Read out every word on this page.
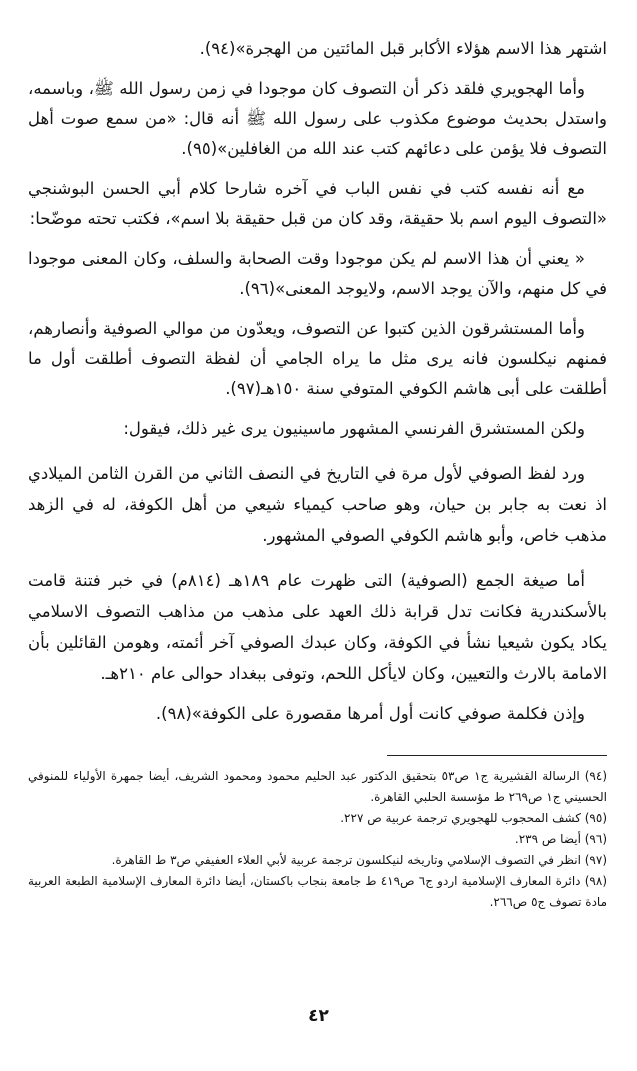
اشتهر هذا الاسم هؤلاء الأكابر قبل المائتين من الهجرة»(٩٤).

وأما الهجويري فلقد ذكر أن التصوف كان موجودا في زمن رسول الله ﷺ، وباسمه، واستدل بحديث موضوع مكذوب على رسول الله ﷺ أنه قال: «من سمع صوت أهل التصوف فلا يؤمن على دعائهم كتب عند الله من الغافلين»(٩٥).

مع أنه نفسه كتب في نفس الباب في آخره شارحا كلام أبي الحسن البوشنجي «التصوف اليوم اسم بلا حقيقة، وقد كان من قبل حقيقة بلا اسم»، فكتب تحته موضّحا:

« يعني أن هذا الاسم لم يكن موجودا وقت الصحابة والسلف، وكان المعنى موجودا في كل منهم، والآن يوجد الاسم، ولايوجد المعنى»(٩٦).

وأما المستشرقون الذين كتبوا عن التصوف، ويعدّون من موالي الصوفية وأنصارهم، فمنهم نيكلسون فانه يرى مثل ما يراه الجامي أن لفظة التصوف أطلقت أول ما أطلقت على أبى هاشم الكوفي المتوفي سنة ١٥٠هـ(٩٧).

ولكن المستشرق الفرنسي المشهور ماسينيون يرى غير ذلك، فيقول:

ورد لفظ الصوفي لأول مرة في التاريخ في النصف الثاني من القرن الثامن الميلادي اذ نعت به جابر بن حيان، وهو صاحب كيمياء شيعي من أهل الكوفة، له في الزهد مذهب خاص، وأبو هاشم الكوفي الصوفي المشهور.

أما صيغة الجمع (الصوفية) التى ظهرت عام ١٨٩هـ (٨١٤م) في خبر فتنة قامت بالأسكندرية فكانت تدل قرابة ذلك العهد على مذهب من مذاهب التصوف الاسلامي يكاد يكون شيعيا نشأ في الكوفة، وكان عبدك الصوفي آخر أئمته، وهومن القائلين بأن الامامة بالارث والتعيين، وكان لايأكل اللحم، وتوفى ببغداد حوالى عام ٢١٠هـ.

وإذن فكلمة صوفي كانت أول أمرها مقصورة على الكوفة»(٩٨).

(٩٤) الرسالة القشيرية ج١ ص٥٣ بتحقيق الدكتور عبد الحليم محمود ومحمود الشريف، أيضا جمهرة الأولياء للمنوفي الحسيني ج١ ص٢٦٩ ط مؤسسة الحلبي القاهرة.
(٩٥) كشف المحجوب للهجويري ترجمة عربية ص ٢٢٧.
(٩٦) أيضا ص ٢٣٩.
(٩٧) انظر في التصوف الإسلامي وتاريخه لنيكلسون ترجمة عربية لأبي العلاء العفيفي ص٣ ط القاهرة.
(٩٨) دائرة المعارف الإسلامية اردو ج٦ ص٤١٩ ط جامعة بنجاب باكستان، أيضا دائرة المعارف الإسلامية الطبعة العربية مادة تصوف ج٥ ص٢٦٦.
٤٢
